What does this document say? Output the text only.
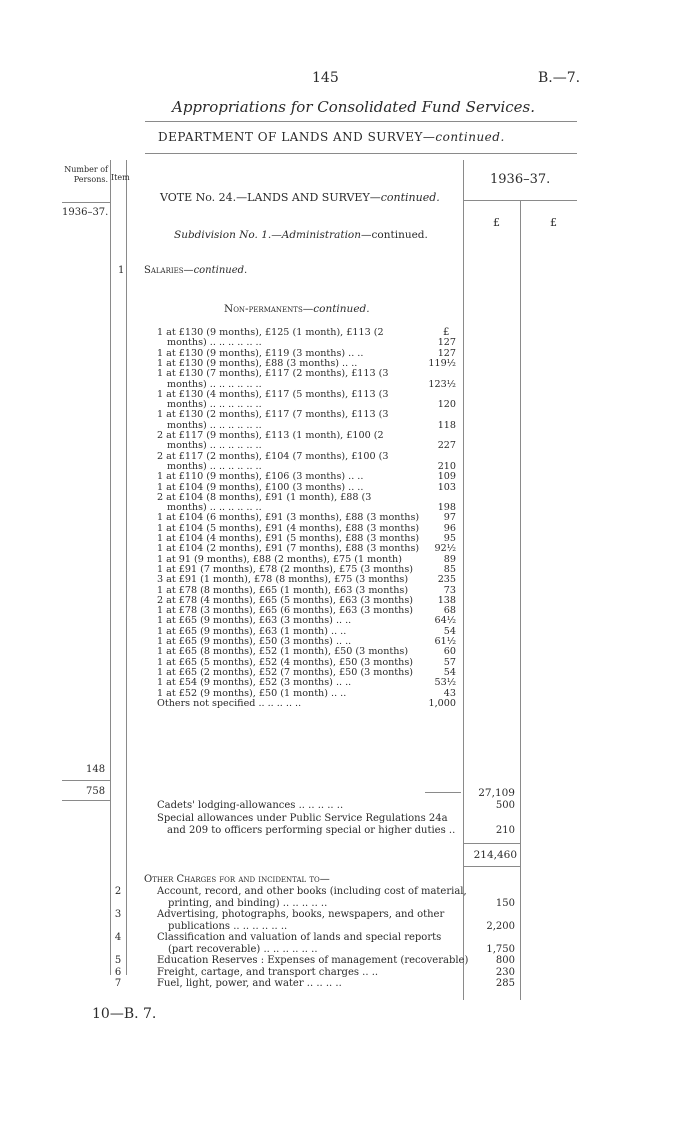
145	B.—7.
Appropriations for Consolidated Fund Services.
DEPARTMENT OF LANDS AND SURVEY—continued.
Number of Persons. Item	1936–37.
1936–37.
£	£
VOTE No. 24.—LANDS AND SURVEY—continued.
Subdivision No. 1.—Administration—continued.
1 Salaries—continued.
Non-permanents—continued.
£
1 at £130 (9 months), £125 (1 month), £113 (2
months) .. .. .. .. .. ..	127
1 at £130 (9 months), £119 (3 months) .. ..	127
1 at £130 (9 months), £88 (3 months) .. ..	119½
1 at £130 (7 months), £117 (2 months), £113 (3
months) .. .. .. .. .. ..	123½
1 at £130 (4 months), £117 (5 months), £113 (3
months) .. .. .. .. .. ..	120
1 at £130 (2 months), £117 (7 months), £113 (3
months) .. .. .. .. .. ..	118
2 at £117 (9 months), £113 (1 month), £100 (2
months) .. .. .. .. .. ..	227
2 at £117 (2 months), £104 (7 months), £100 (3
months) .. .. .. .. .. ..	210
1 at £110 (9 months), £106 (3 months) .. ..	109
1 at £104 (9 months), £100 (3 months) .. ..	103
2 at £104 (8 months), £91 (1 month), £88 (3
months) .. .. .. .. .. ..	198
1 at £104 (6 months), £91 (3 months), £88 (3 months)	97
1 at £104 (5 months), £91 (4 months), £88 (3 months)	96
1 at £104 (4 months), £91 (5 months), £88 (3 months)	95
1 at £104 (2 months), £91 (7 months), £88 (3 months)	92½
1 at 91 (9 months), £88 (2 months), £75 (1 month)	89
1 at £91 (7 months), £78 (2 months), £75 (3 months)	85
3 at £91 (1 month), £78 (8 months), £75 (3 months)	235
1 at £78 (8 months), £65 (1 month), £63 (3 months)	73
2 at £78 (4 months), £65 (5 months), £63 (3 months)	138
1 at £78 (3 months), £65 (6 months), £63 (3 months)	68
1 at £65 (9 months), £63 (3 months) .. ..	64½
1 at £65 (9 months), £63 (1 month) .. ..	54
1 at £65 (9 months), £50 (3 months) .. ..	61½
1 at £65 (8 months), £52 (1 month), £50 (3 months)	60
1 at £65 (5 months), £52 (4 months), £50 (3 months)	57
1 at £65 (2 months), £52 (7 months), £50 (3 months)	54
1 at £54 (9 months), £52 (3 months) .. ..	53½
1 at £52 (9 months), £50 (1 month) .. ..	43
Others not specified .. .. .. .. ..	1,000
148
758	27,109
Cadets' lodging-allowances .. .. .. .. ..	500
Special allowances under Public Service Regulations 24a
and 209 to officers performing special or higher duties ..	210
214,460
Other Charges for and incidental to—
2	Account, record, and other books (including cost of material,
printing, and binding) .. .. .. .. ..	150
3	Advertising, photographs, books, newspapers, and other
publications .. .. .. .. .. ..	2,200
4	Classification and valuation of lands and special reports
(part recoverable) .. .. .. .. .. ..	1,750
5	Education Reserves : Expenses of management (recoverable)	800
6	Freight, cartage, and transport charges .. ..	230
7	Fuel, light, power, and water .. .. .. ..	285
10—B. 7.
